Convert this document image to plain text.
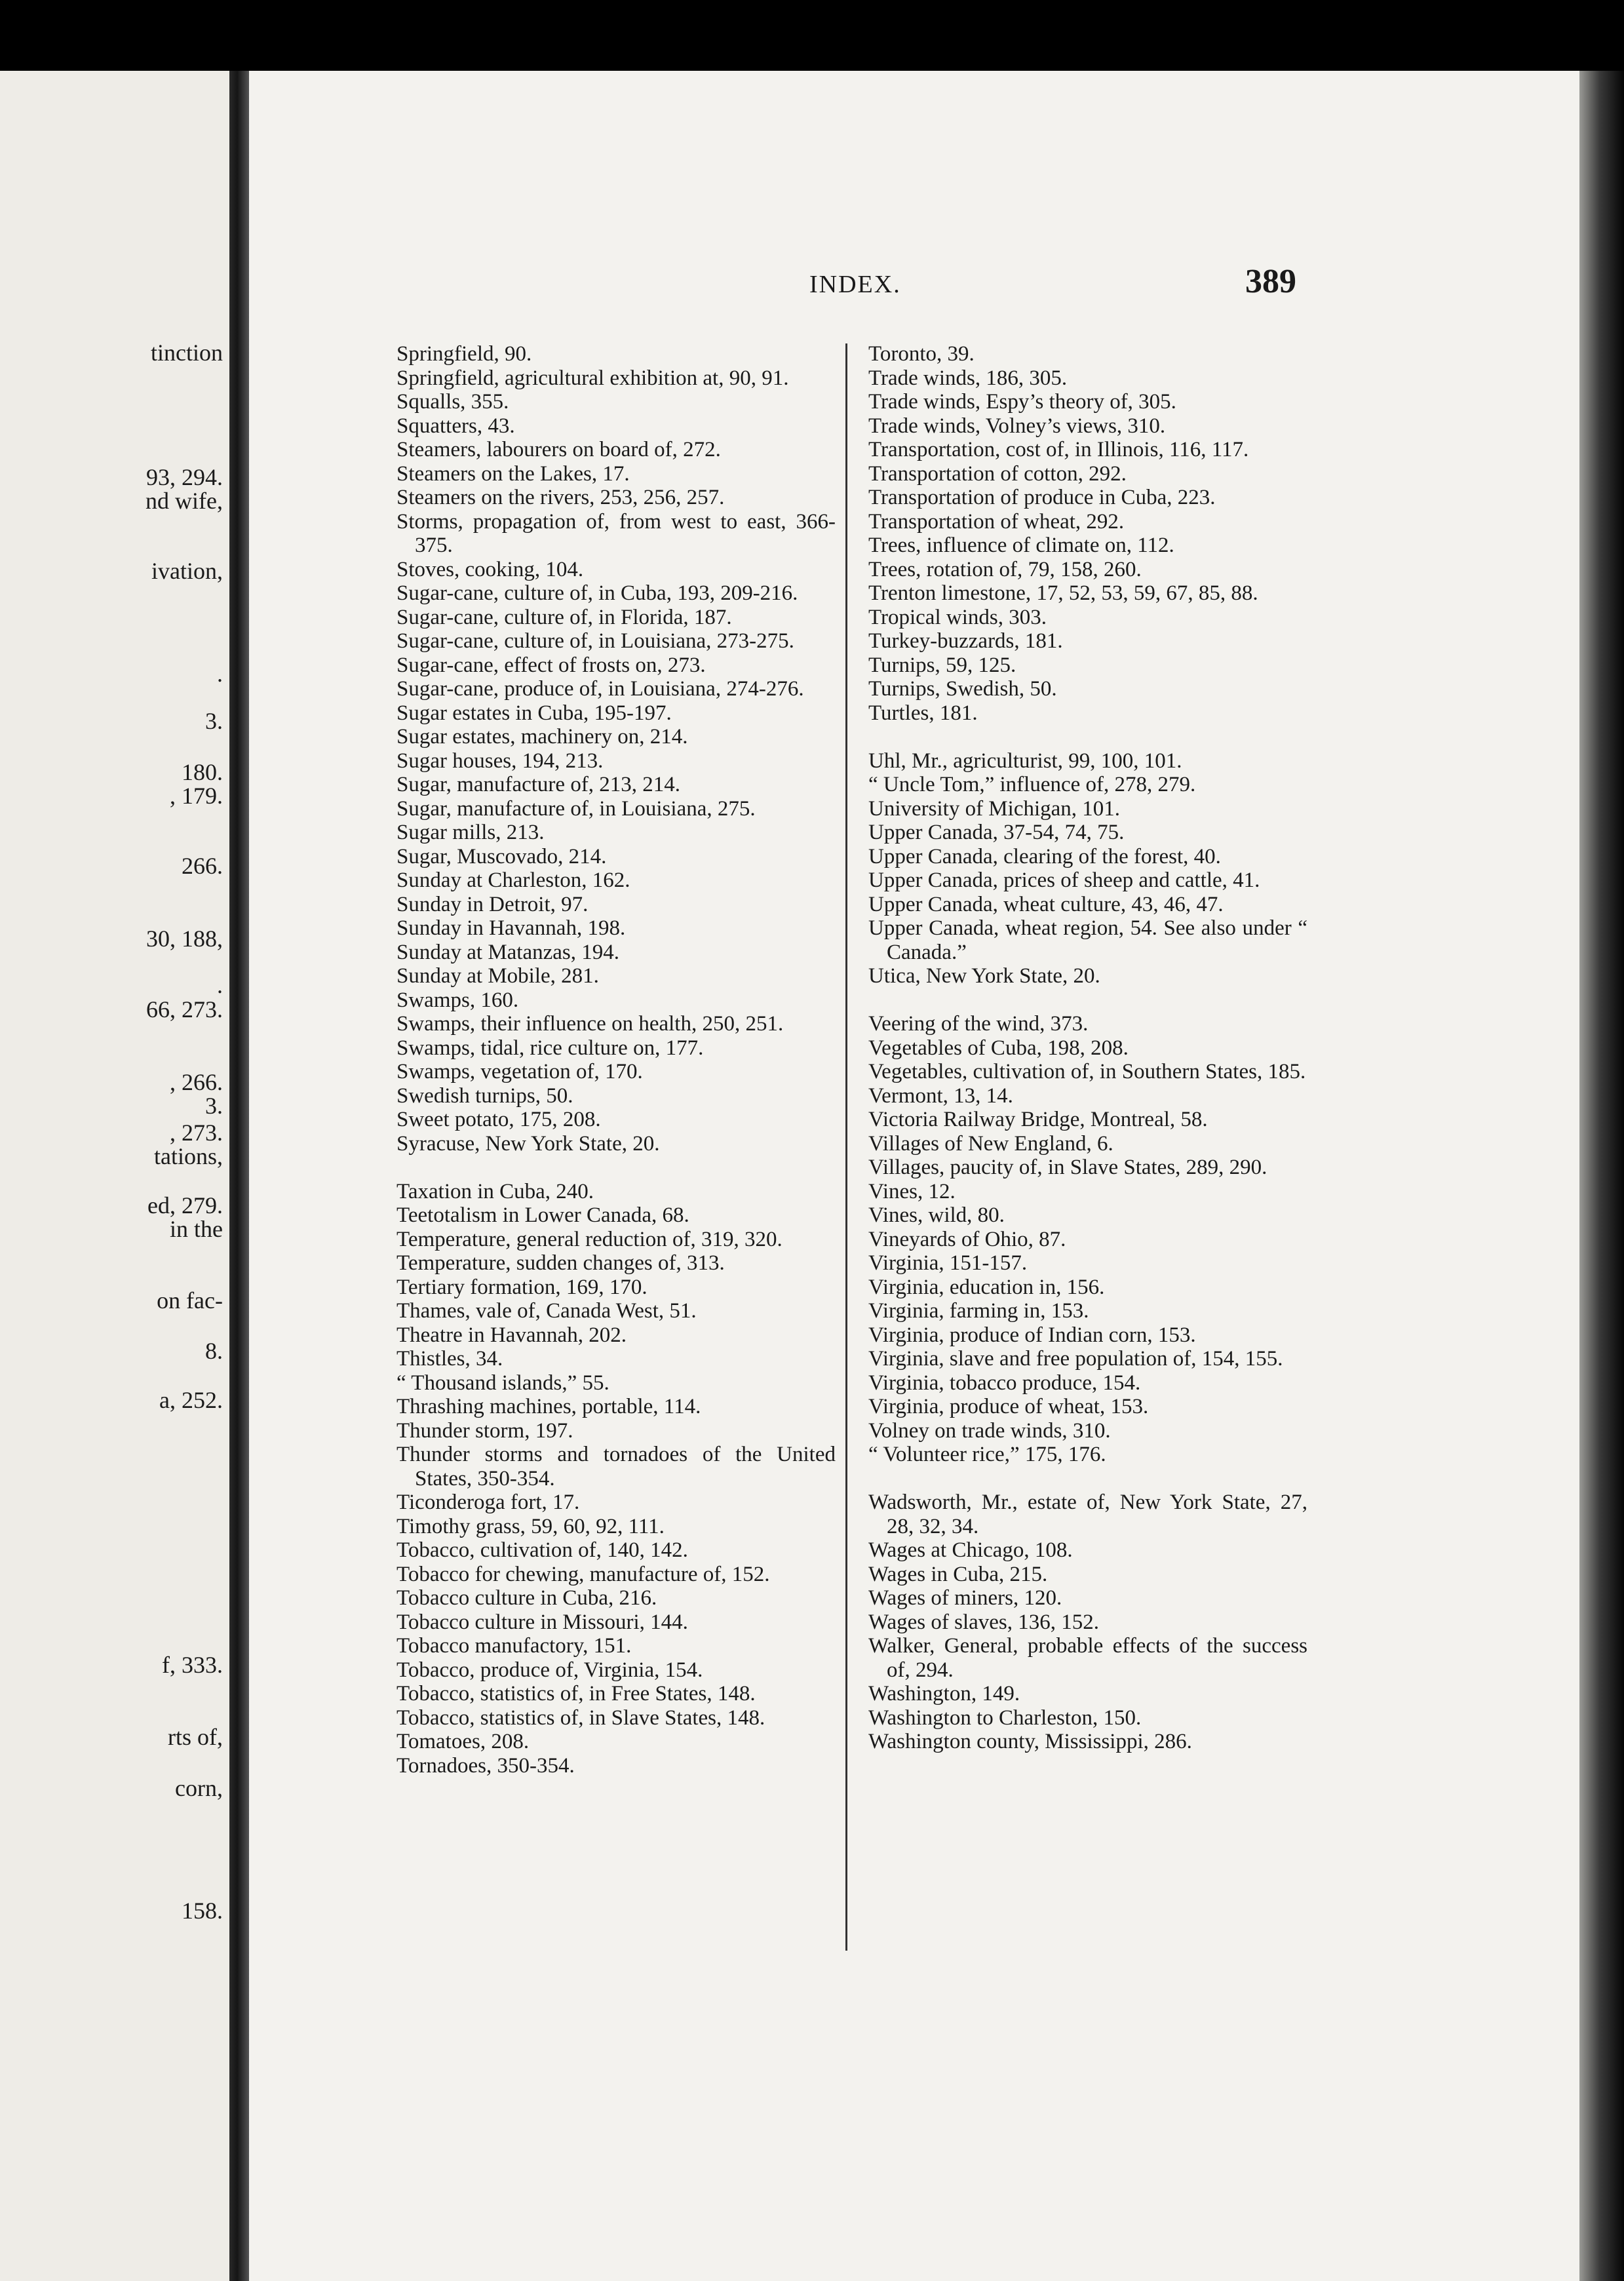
tinction
93, 294.
nd wife,
ivation,
.
3.
180.
, 179.
266.
30, 188,
.
66, 273.
, 266.
3.
, 273.
tations,
ed, 279.
in the
on fac-
8.
a, 252.
f, 333.
rts of,
corn,
158.
INDEX.	389
Springfield, 90.
Springfield, agricultural exhibition at, 90, 91.
Squalls, 355.
Squatters, 43.
Steamers, labourers on board of, 272.
Steamers on the Lakes, 17.
Steamers on the rivers, 253, 256, 257.
Storms, propagation of, from west to east, 366-375.
Stoves, cooking, 104.
Sugar-cane, culture of, in Cuba, 193, 209-216.
Sugar-cane, culture of, in Florida, 187.
Sugar-cane, culture of, in Louisiana, 273-275.
Sugar-cane, effect of frosts on, 273.
Sugar-cane, produce of, in Louisiana, 274-276.
Sugar estates in Cuba, 195-197.
Sugar estates, machinery on, 214.
Sugar houses, 194, 213.
Sugar, manufacture of, 213, 214.
Sugar, manufacture of, in Louisiana, 275.
Sugar mills, 213.
Sugar, Muscovado, 214.
Sunday at Charleston, 162.
Sunday in Detroit, 97.
Sunday in Havannah, 198.
Sunday at Matanzas, 194.
Sunday at Mobile, 281.
Swamps, 160.
Swamps, their influence on health, 250, 251.
Swamps, tidal, rice culture on, 177.
Swamps, vegetation of, 170.
Swedish turnips, 50.
Sweet potato, 175, 208.
Syracuse, New York State, 20.
Taxation in Cuba, 240.
Teetotalism in Lower Canada, 68.
Temperature, general reduction of, 319, 320.
Temperature, sudden changes of, 313.
Tertiary formation, 169, 170.
Thames, vale of, Canada West, 51.
Theatre in Havannah, 202.
Thistles, 34.
“ Thousand islands,” 55.
Thrashing machines, portable, 114.
Thunder storm, 197.
Thunder storms and tornadoes of the United States, 350-354.
Ticonderoga fort, 17.
Timothy grass, 59, 60, 92, 111.
Tobacco, cultivation of, 140, 142.
Tobacco for chewing, manufacture of, 152.
Tobacco culture in Cuba, 216.
Tobacco culture in Missouri, 144.
Tobacco manufactory, 151.
Tobacco, produce of, Virginia, 154.
Tobacco, statistics of, in Free States, 148.
Tobacco, statistics of, in Slave States, 148.
Tomatoes, 208.
Tornadoes, 350-354.
Toronto, 39.
Trade winds, 186, 305.
Trade winds, Espy’s theory of, 305.
Trade winds, Volney’s views, 310.
Transportation, cost of, in Illinois, 116, 117.
Transportation of cotton, 292.
Transportation of produce in Cuba, 223.
Transportation of wheat, 292.
Trees, influence of climate on, 112.
Trees, rotation of, 79, 158, 260.
Trenton limestone, 17, 52, 53, 59, 67, 85, 88.
Tropical winds, 303.
Turkey-buzzards, 181.
Turnips, 59, 125.
Turnips, Swedish, 50.
Turtles, 181.
Uhl, Mr., agriculturist, 99, 100, 101.
“ Uncle Tom,” influence of, 278, 279.
University of Michigan, 101.
Upper Canada, 37-54, 74, 75.
Upper Canada, clearing of the forest, 40.
Upper Canada, prices of sheep and cattle, 41.
Upper Canada, wheat culture, 43, 46, 47.
Upper Canada, wheat region, 54. See also under “ Canada.”
Utica, New York State, 20.
Veering of the wind, 373.
Vegetables of Cuba, 198, 208.
Vegetables, cultivation of, in Southern States, 185.
Vermont, 13, 14.
Victoria Railway Bridge, Montreal, 58.
Villages of New England, 6.
Villages, paucity of, in Slave States, 289, 290.
Vines, 12.
Vines, wild, 80.
Vineyards of Ohio, 87.
Virginia, 151-157.
Virginia, education in, 156.
Virginia, farming in, 153.
Virginia, produce of Indian corn, 153.
Virginia, slave and free population of, 154, 155.
Virginia, tobacco produce, 154.
Virginia, produce of wheat, 153.
Volney on trade winds, 310.
“ Volunteer rice,” 175, 176.
Wadsworth, Mr., estate of, New York State, 27, 28, 32, 34.
Wages at Chicago, 108.
Wages in Cuba, 215.
Wages of miners, 120.
Wages of slaves, 136, 152.
Walker, General, probable effects of the success of, 294.
Washington, 149.
Washington to Charleston, 150.
Washington county, Mississippi, 286.
